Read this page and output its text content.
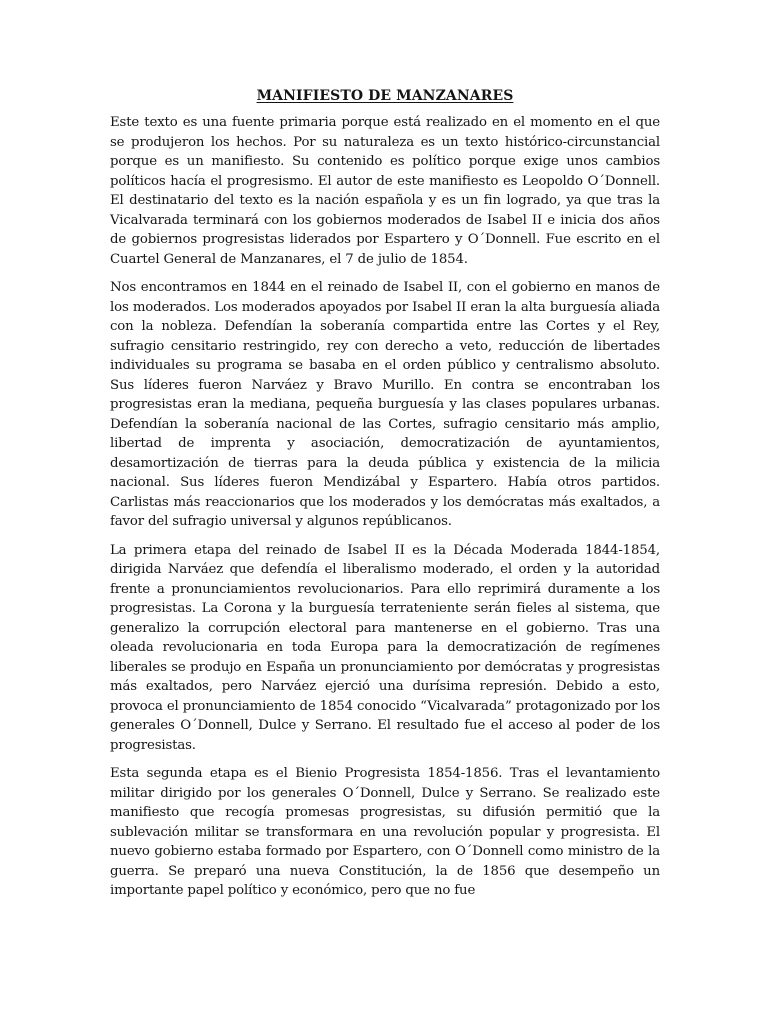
MANIFIESTO DE MANZANARES

Este texto es una fuente primaria porque está realizado en el momento en el que se produjeron los hechos. Por su naturaleza es un texto histórico-circunstancial porque es un manifiesto. Su contenido es político porque exige unos cambios políticos hacía el progresismo. El autor de este manifiesto es Leopoldo O´Donnell. El destinatario del texto es la nación española y es un fin logrado, ya que tras la Vicalvarada terminará con los gobiernos moderados de Isabel II e inicia dos años de gobiernos progresistas liderados por Espartero y O´Donnell. Fue escrito en el Cuartel General de Manzanares, el 7 de julio de 1854.

Nos encontramos en 1844 en el reinado de Isabel II, con el gobierno en manos de los moderados. Los moderados apoyados por Isabel II eran la alta burguesía aliada con la nobleza. Defendían la soberanía compartida entre las Cortes y el Rey, sufragio censitario restringido, rey con derecho a veto, reducción de libertades individuales su programa se basaba en el orden público y centralismo absoluto. Sus líderes fueron Narváez y Bravo Murillo. En contra se encontraban los progresistas eran la mediana, pequeña burguesía y las clases populares urbanas. Defendían la soberanía nacional de las Cortes, sufragio censitario más amplio, libertad de imprenta y asociación, democratización de ayuntamientos, desamortización de tierras para la deuda pública y existencia de la milicia nacional. Sus líderes fueron Mendizábal y Espartero. Había otros partidos. Carlistas más reaccionarios que los moderados y los demócratas más exaltados, a favor del sufragio universal y algunos repúblicanos.

La primera etapa del reinado de Isabel II es la Década Moderada 1844-1854, dirigida Narváez que defendía el liberalismo moderado, el orden y la autoridad frente a pronunciamientos revolucionarios. Para ello reprimirá duramente a los progresistas. La Corona y la burguesía terrateniente serán fieles al sistema, que generalizo la corrupción electoral para mantenerse en el gobierno. Tras una oleada revolucionaria en toda Europa para la democratización de regímenes liberales se produjo en España un pronunciamiento por demócratas y progresistas más exaltados, pero Narváez ejerció una durísima represión. Debido a esto, provoca el pronunciamiento de 1854 conocido “Vicalvarada” protagonizado por los generales O´Donnell, Dulce y Serrano. El resultado fue el acceso al poder de los progresistas.

Esta segunda etapa es el Bienio Progresista 1854-1856. Tras el levantamiento militar dirigido por los generales O´Donnell, Dulce y Serrano. Se realizado este manifiesto que recogía promesas progresistas, su difusión permitió que la sublevación militar se transformara en una revolución popular y progresista. El nuevo gobierno estaba formado por Espartero, con O´Donnell como ministro de la guerra. Se preparó una nueva Constitución, la de 1856 que desempeño un importante papel político y económico, pero que no fue
